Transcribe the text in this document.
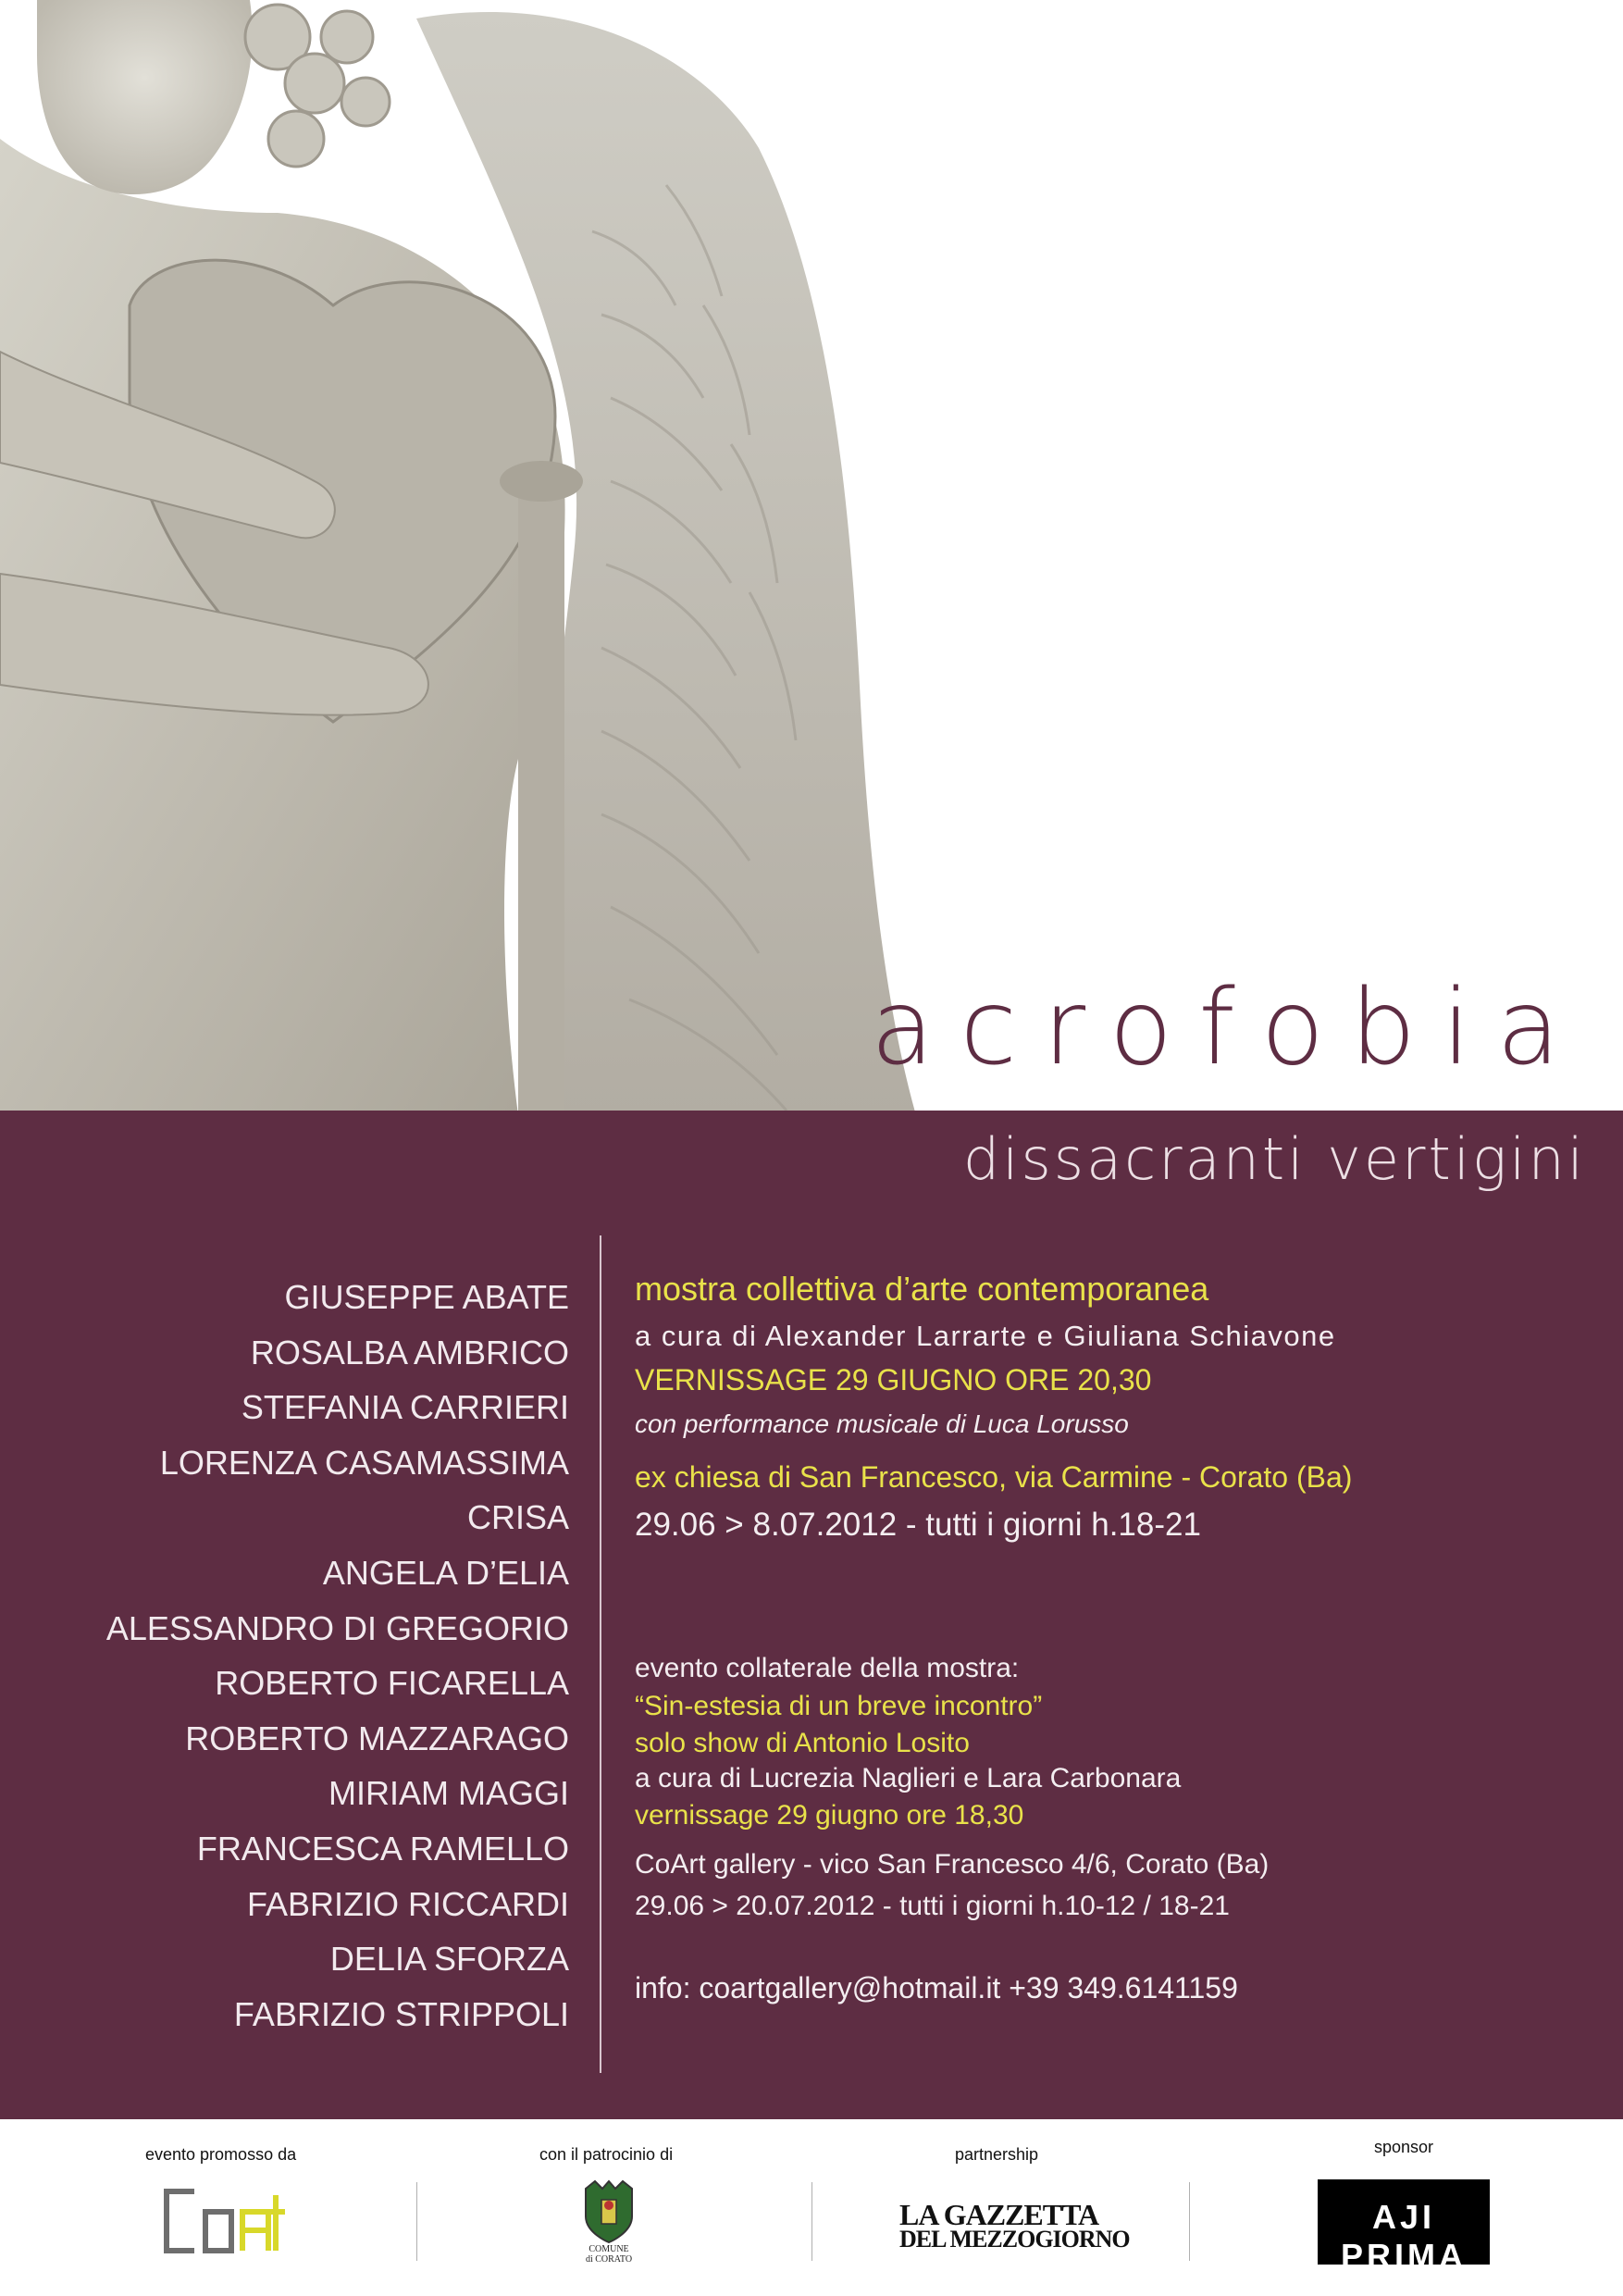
acrofobia
dissacranti vertigini
GIUSEPPE ABATE
ROSALBA AMBRICO
STEFANIA CARRIERI
LORENZA CASAMASSIMA
CRISA
ANGELA D’ELIA
ALESSANDRO DI GREGORIO
ROBERTO FICARELLA
ROBERTO MAZZARAGO
MIRIAM MAGGI
FRANCESCA RAMELLO
FABRIZIO RICCARDI
DELIA SFORZA
FABRIZIO STRIPPOLI
mostra collettiva d’arte contemporanea
a cura di Alexander Larrarte e Giuliana Schiavone
VERNISSAGE 29 GIUGNO ORE 20,30
con performance musicale di Luca Lorusso
ex chiesa di San Francesco, via Carmine - Corato (Ba)
29.06 > 8.07.2012 - tutti i giorni h.18-21
evento collaterale della mostra:
“Sin-estesia di un breve incontro”
solo show di Antonio Losito
a cura di Lucrezia Naglieri e Lara Carbonara
vernissage 29 giugno ore 18,30
CoArt gallery - vico San Francesco 4/6, Corato (Ba)
29.06 > 20.07.2012 - tutti i giorni h.10-12 / 18-21
info: coartgallery@hotmail.it +39 349.6141159
evento promosso da	con il patrocinio di	partnership	sponsor
COMUNE
di CORATO
LA GAZZETTA
DEL MEZZOGIORNO
AJI PRIMA
LOUNGE BAR
